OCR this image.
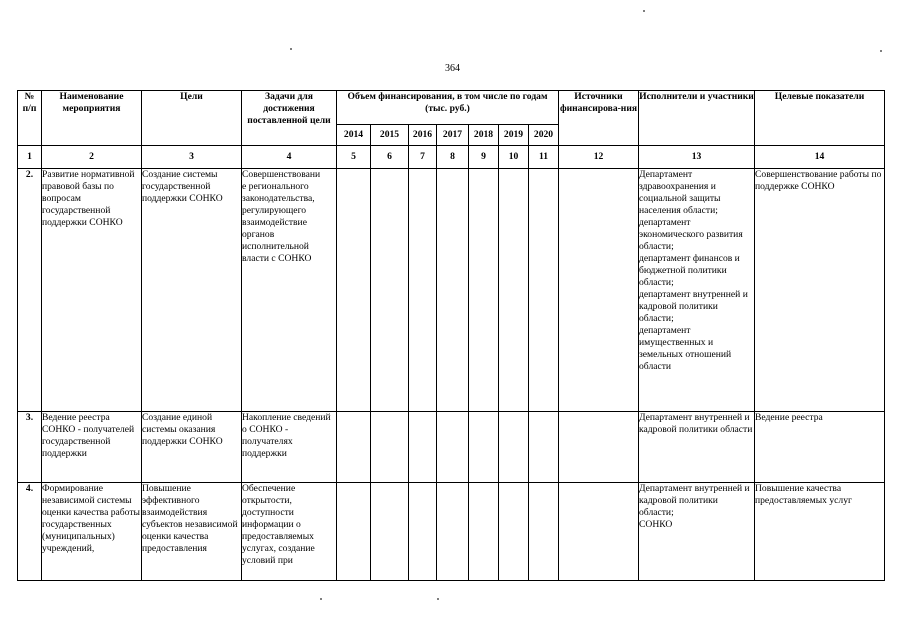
364
№
п/п	Наименование мероприятия	Цели	Задачи для достижения поставленной цели	Объем финансирования, в том числе по годам (тыс. руб.)							Источники финансирова-ния	Исполнители и участники	Целевые показатели
				2014	2015	2016	2017	2018	2019	2020			
1	2	3	4	5	6	7	8	9	10	11	12	13	14
2.	Развитие нормативной правовой базы по вопросам государственной поддержки СОНКО	Создание системы государственной поддержки СОНКО	Совершенствовани
е регионального законодательства, регулирующего взаимодействие органов исполнительной власти с СОНКО									Департамент здравоохранения и социальной защиты населения области;
департамент экономического развития области;
департамент финансов и бюджетной политики области;
департамент внутренней и кадровой политики области;
департамент имущественных и земельных отношений области	Совершенствование работы по поддержке СОНКО
3.	Ведение реестра СОНКО - получателей государственной поддержки	Создание единой системы оказания поддержки СОНКО	Накопление сведений о СОНКО - получателях поддержки									Департамент внутренней и кадровой политики области	Ведение реестра
4.	Формирование независимой системы оценки качества работы государственных (муниципальных) учреждений,	Повышение эффективного взаимодействия субъектов независимой оценки качества предоставления	Обеспечение открытости, доступности информации о предоставляемых услугах, создание условий при									Департамент внутренней и кадровой политики области;
СОНКО	Повышение качества предоставляемых услуг
